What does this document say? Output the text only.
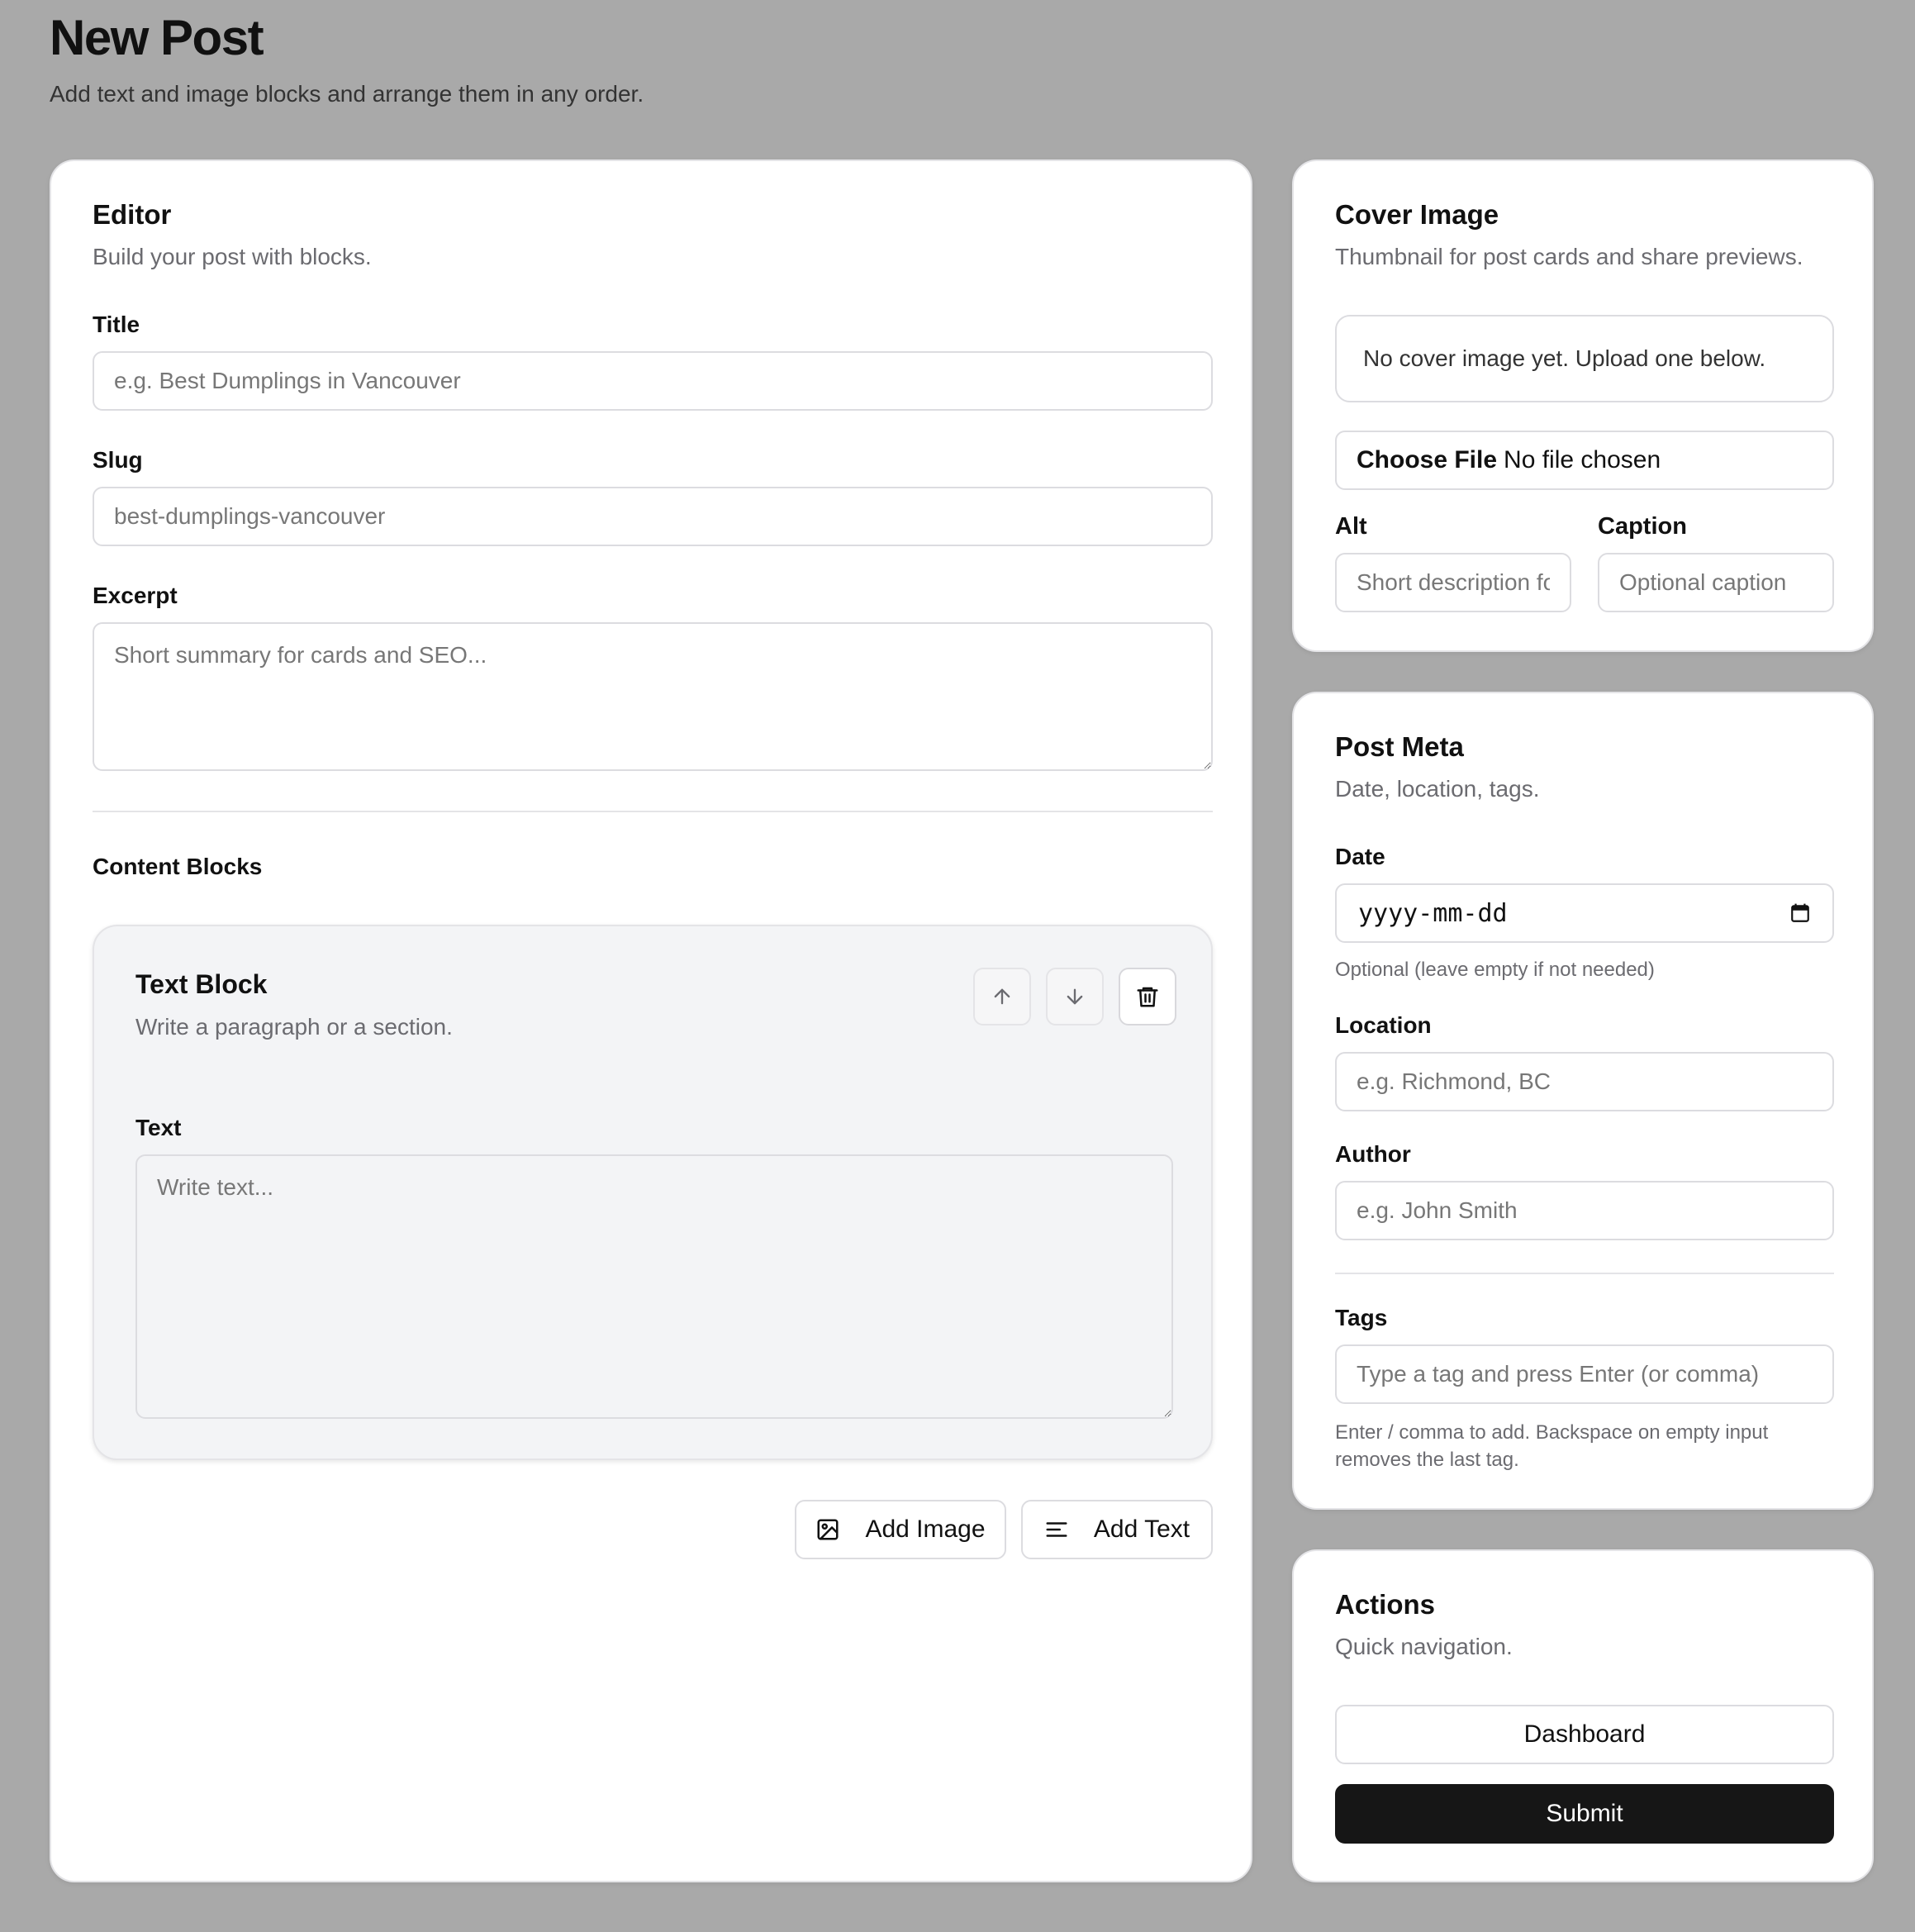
New Post
Add text and image blocks and arrange them in any order.
Editor
Build your post with blocks.
Title
e.g. Best Dumplings in Vancouver
Slug
best-dumplings-vancouver
Excerpt
Short summary for cards and SEO...
Content Blocks
Text Block
Write a paragraph or a section.
Text
Write text...
Add Image	Add Text
Cover Image
Thumbnail for post cards and share previews.
No cover image yet. Upload one below.
Choose File No file chosen
Alt
Short description for accessibility	Caption
Optional caption
Post Meta
Date, location, tags.
Date
yyyy-mm-dd
Optional (leave empty if not needed)
Location
e.g. Richmond, BC
Author
e.g. John Smith
Tags
Type a tag and press Enter (or comma)
Enter / comma to add. Backspace on empty input
removes the last tag.
Actions
Quick navigation.
Dashboard
Submit
